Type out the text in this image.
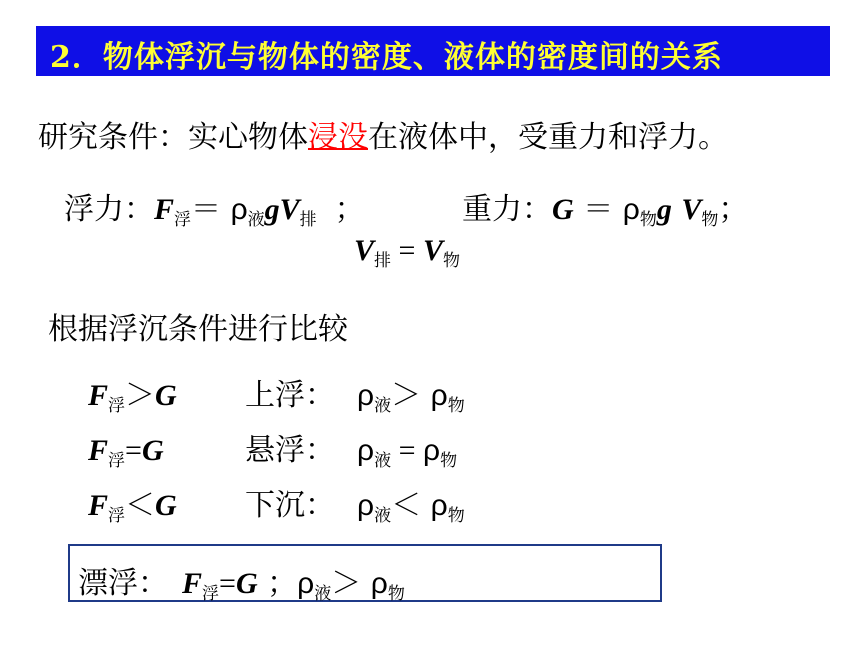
2．物体浮沉与物体的密度、液体的密度间的关系
研究条件：实心物体浸没在液体中，受重力和浮力。
浮力：$F_浮= \rho_液gV_排$ ；	重力：$G = \rho_物g$ $V_物$；
$V_排 = V_物$
根据浮沉条件进行比较
$F_浮>G$ 上浮： $\rho_液> \rho_物$
$F_浮=G$	悬浮： $\rho_液 = \rho_物$
$F_浮<G$ 下沉： $\rho_液< \rho_物$
漂浮： $F_浮=G$ ；$\rho_液> \rho_物$
